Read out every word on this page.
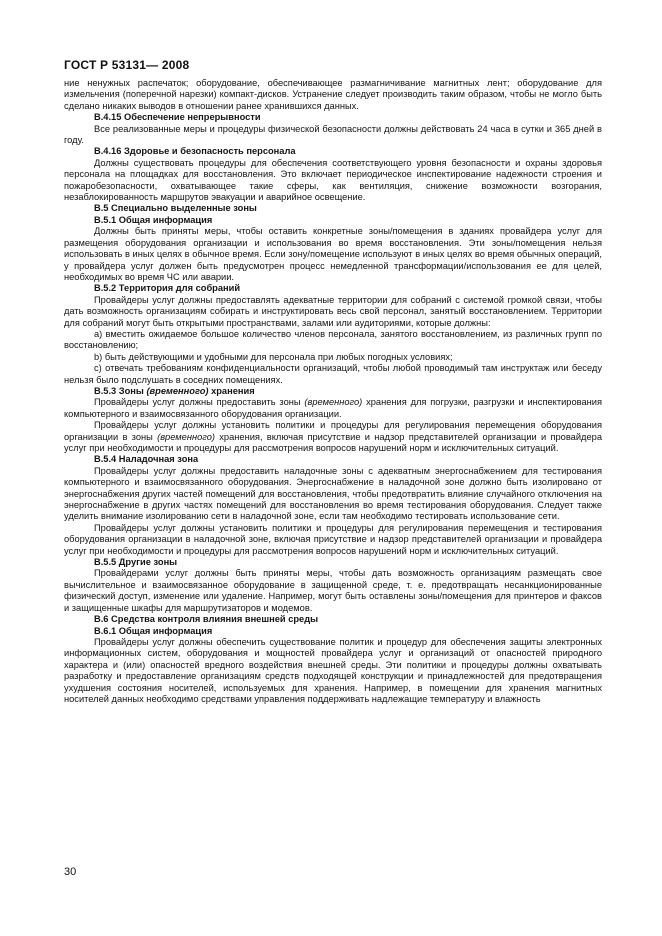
ГОСТ Р 53131— 2008

ние ненужных распечаток; оборудование, обеспечивающее размагничивание магнитных лент; оборудование для измельчения (поперечной нарезки) компакт-дисков. Устранение следует производить таким образом, чтобы не могло быть сделано никаких выводов в отношении ранее хранившихся данных.

В.4.15 Обеспечение непрерывности

Все реализованные меры и процедуры физической безопасности должны действовать 24 часа в сутки и 365 дней в году.

В.4.16 Здоровье и безопасность персонала

Должны существовать процедуры для обеспечения соответствующего уровня безопасности и охраны здоровья персонала на площадках для восстановления. Это включает периодическое инспектирование надежности строения и пожаробезопасности, охватывающее такие сферы, как вентиляция, снижение возможности возгорания, незаблокированность маршрутов эвакуации и аварийное освещение.

В.5 Специально выделенные зоны

В.5.1 Общая информация

Должны быть приняты меры, чтобы оставить конкретные зоны/помещения в зданиях провайдера услуг для размещения оборудования организации и использования во время восстановления. Эти зоны/помещения нельзя использовать в иных целях в обычное время. Если зону/помещение используют в иных целях во время обычных операций, у провайдера услуг должен быть предусмотрен процесс немедленной трансформации/использования ее для целей, необходимых во время ЧС или аварии.

В.5.2 Территория для собраний

Провайдеры услуг должны предоставлять адекватные территории для собраний с системой громкой связи, чтобы дать возможность организациям собирать и инструктировать весь свой персонал, занятый восстановлением. Территории для собраний могут быть открытыми пространствами, залами или аудиториями, которые должны:

а) вместить ожидаемое большое количество членов персонала, занятого восстановлением, из различных групп по восстановлению;

b) быть действующими и удобными для персонала при любых погодных условиях;

с) отвечать требованиям конфиденциальности организаций, чтобы любой проводимый там инструктаж или беседу нельзя было подслушать в соседних помещениях.

В.5.3 Зоны (временного) хранения

Провайдеры услуг должны предоставить зоны (временного) хранения для погрузки, разгрузки и инспектирования компьютерного и взаимосвязанного оборудования организации.

Провайдеры услуг должны установить политики и процедуры для регулирования перемещения оборудования организации в зоны (временного) хранения, включая присутствие и надзор представителей организации и провайдера услуг при необходимости и процедуры для рассмотрения вопросов нарушений норм и исключительных ситуаций.

В.5.4 Наладочная зона

Провайдеры услуг должны предоставить наладочные зоны с адекватным энергоснабжением для тестирования компьютерного и взаимосвязанного оборудования. Энергоснабжение в наладочной зоне должно быть изолировано от энергоснабжения других частей помещений для восстановления, чтобы предотвратить влияние случайного отключения на энергоснабжение в других частях помещений для восстановления во время тестирования оборудования. Следует также уделить внимание изолированию сети в наладочной зоне, если там необходимо тестировать использование сети.

Провайдеры услуг должны установить политики и процедуры для регулирования перемещения и тестирования оборудования организации в наладочной зоне, включая присутствие и надзор представителей организации и провайдера услуг при необходимости и процедуры для рассмотрения вопросов нарушений норм и исключительных ситуаций.

В.5.5 Другие зоны

Провайдерами услуг должны быть приняты меры, чтобы дать возможность организациям размещать свое вычислительное и взаимосвязанное оборудование в защищенной среде, т. е. предотвращать несанкционированные физический доступ, изменение или удаление. Например, могут быть оставлены зоны/помещения для принтеров и факсов и защищенные шкафы для маршрутизаторов и модемов.

В.6 Средства контроля влияния внешней среды

В.6.1 Общая информация

Провайдеры услуг должны обеспечить существование политик и процедур для обеспечения защиты электронных информационных систем, оборудования и мощностей провайдера услуг и организаций от опасностей природного характера и (или) опасностей вредного воздействия внешней среды. Эти политики и процедуры должны охватывать разработку и предоставление организациям средств подходящей конструкции и принадлежностей для предотвращения ухудшения состояния носителей, используемых для хранения. Например, в помещении для хранения магнитных носителей данных необходимо средствами управления поддерживать надлежащие температуру и влажность

30
